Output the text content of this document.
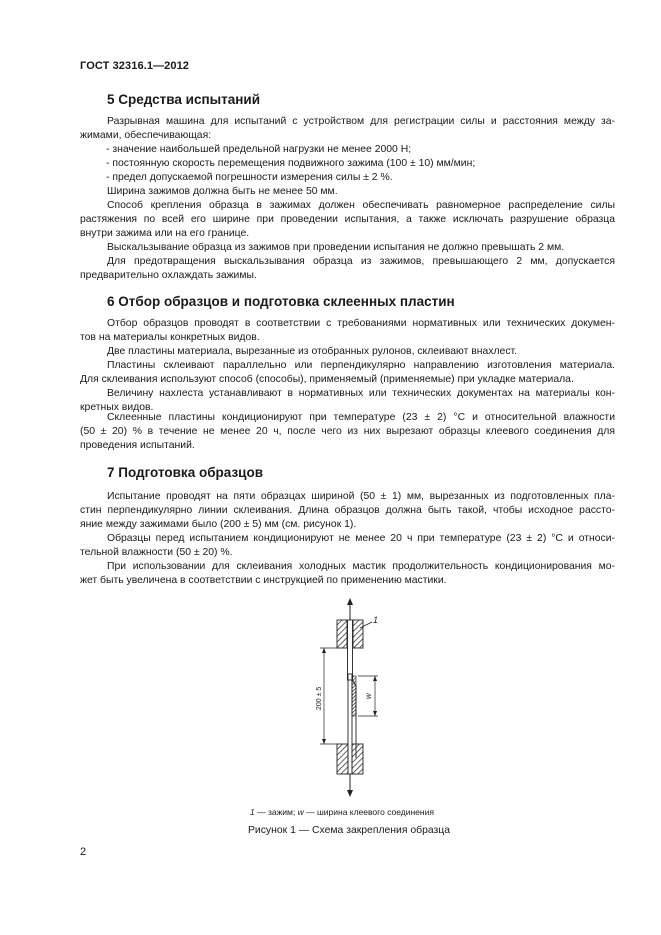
ГОСТ 32316.1—2012
5 Средства испытаний
Разрывная машина для испытаний с устройством для регистрации силы и расстояния между за-
жимами, обеспечивающая:
- значение наибольшей предельной нагрузки не менее 2000 Н;
- постоянную скорость перемещения подвижного зажима (100 ± 10) мм/мин;
- предел допускаемой погрешности измерения силы ± 2 %.
Ширина зажимов должна быть не менее 50 мм.
Способ крепления образца в зажимах должен обеспечивать равномерное распределение силы
растяжения по всей его ширине при проведении испытания, а также исключать разрушение образца
внутри зажима или на его границе.
Выскальзывание образца из зажимов при проведении испытания не должно превышать 2 мм.
Для предотвращения выскальзывания образца из зажимов, превышающего 2 мм, допускается
предварительно охлаждать зажимы.
6 Отбор образцов и подготовка склеенных пластин
Отбор образцов проводят в соответствии с требованиями нормативных или технических докумен-
тов на материалы конкретных видов.
Две пластины материала, вырезанные из отобранных рулонов, склеивают внахлест.
Пластины склеивают параллельно или перпендикулярно направлению изготовления материала.
Для склеивания используют способ (способы), применяемый (применяемые) при укладке материала.
Величину нахлеста устанавливают в нормативных или технических документах на материалы кон-
кретных видов.
Склеенные пластины кондиционируют при температуре (23 ± 2) °С и относительной влажности
(50 ± 20) % в течение не менее 20 ч, после чего из них вырезают образцы клеевого соединения для
проведения испытаний.
7 Подготовка образцов
Испытание проводят на пяти образцах шириной (50 ± 1) мм, вырезанных из подготовленных пла-
стин перпендикулярно линии склеивания. Длина образцов должна быть такой, чтобы исходное рассто-
яние между зажимами было (200 ± 5) мм (см. рисунок 1).
Образцы перед испытанием кондиционируют не менее 20 ч при температуре (23 ± 2) °С и относи-
тельной влажности (50 ± 20) %.
При использовании для склеивания холодных мастик продолжительность кондиционирования мо-
жет быть увеличена в соответствии с инструкцией по применению мастики.
1
w
200 ± 5
1 — зажим; w — ширина клеевого соединения
Рисунок 1 — Схема закрепления образца
2
